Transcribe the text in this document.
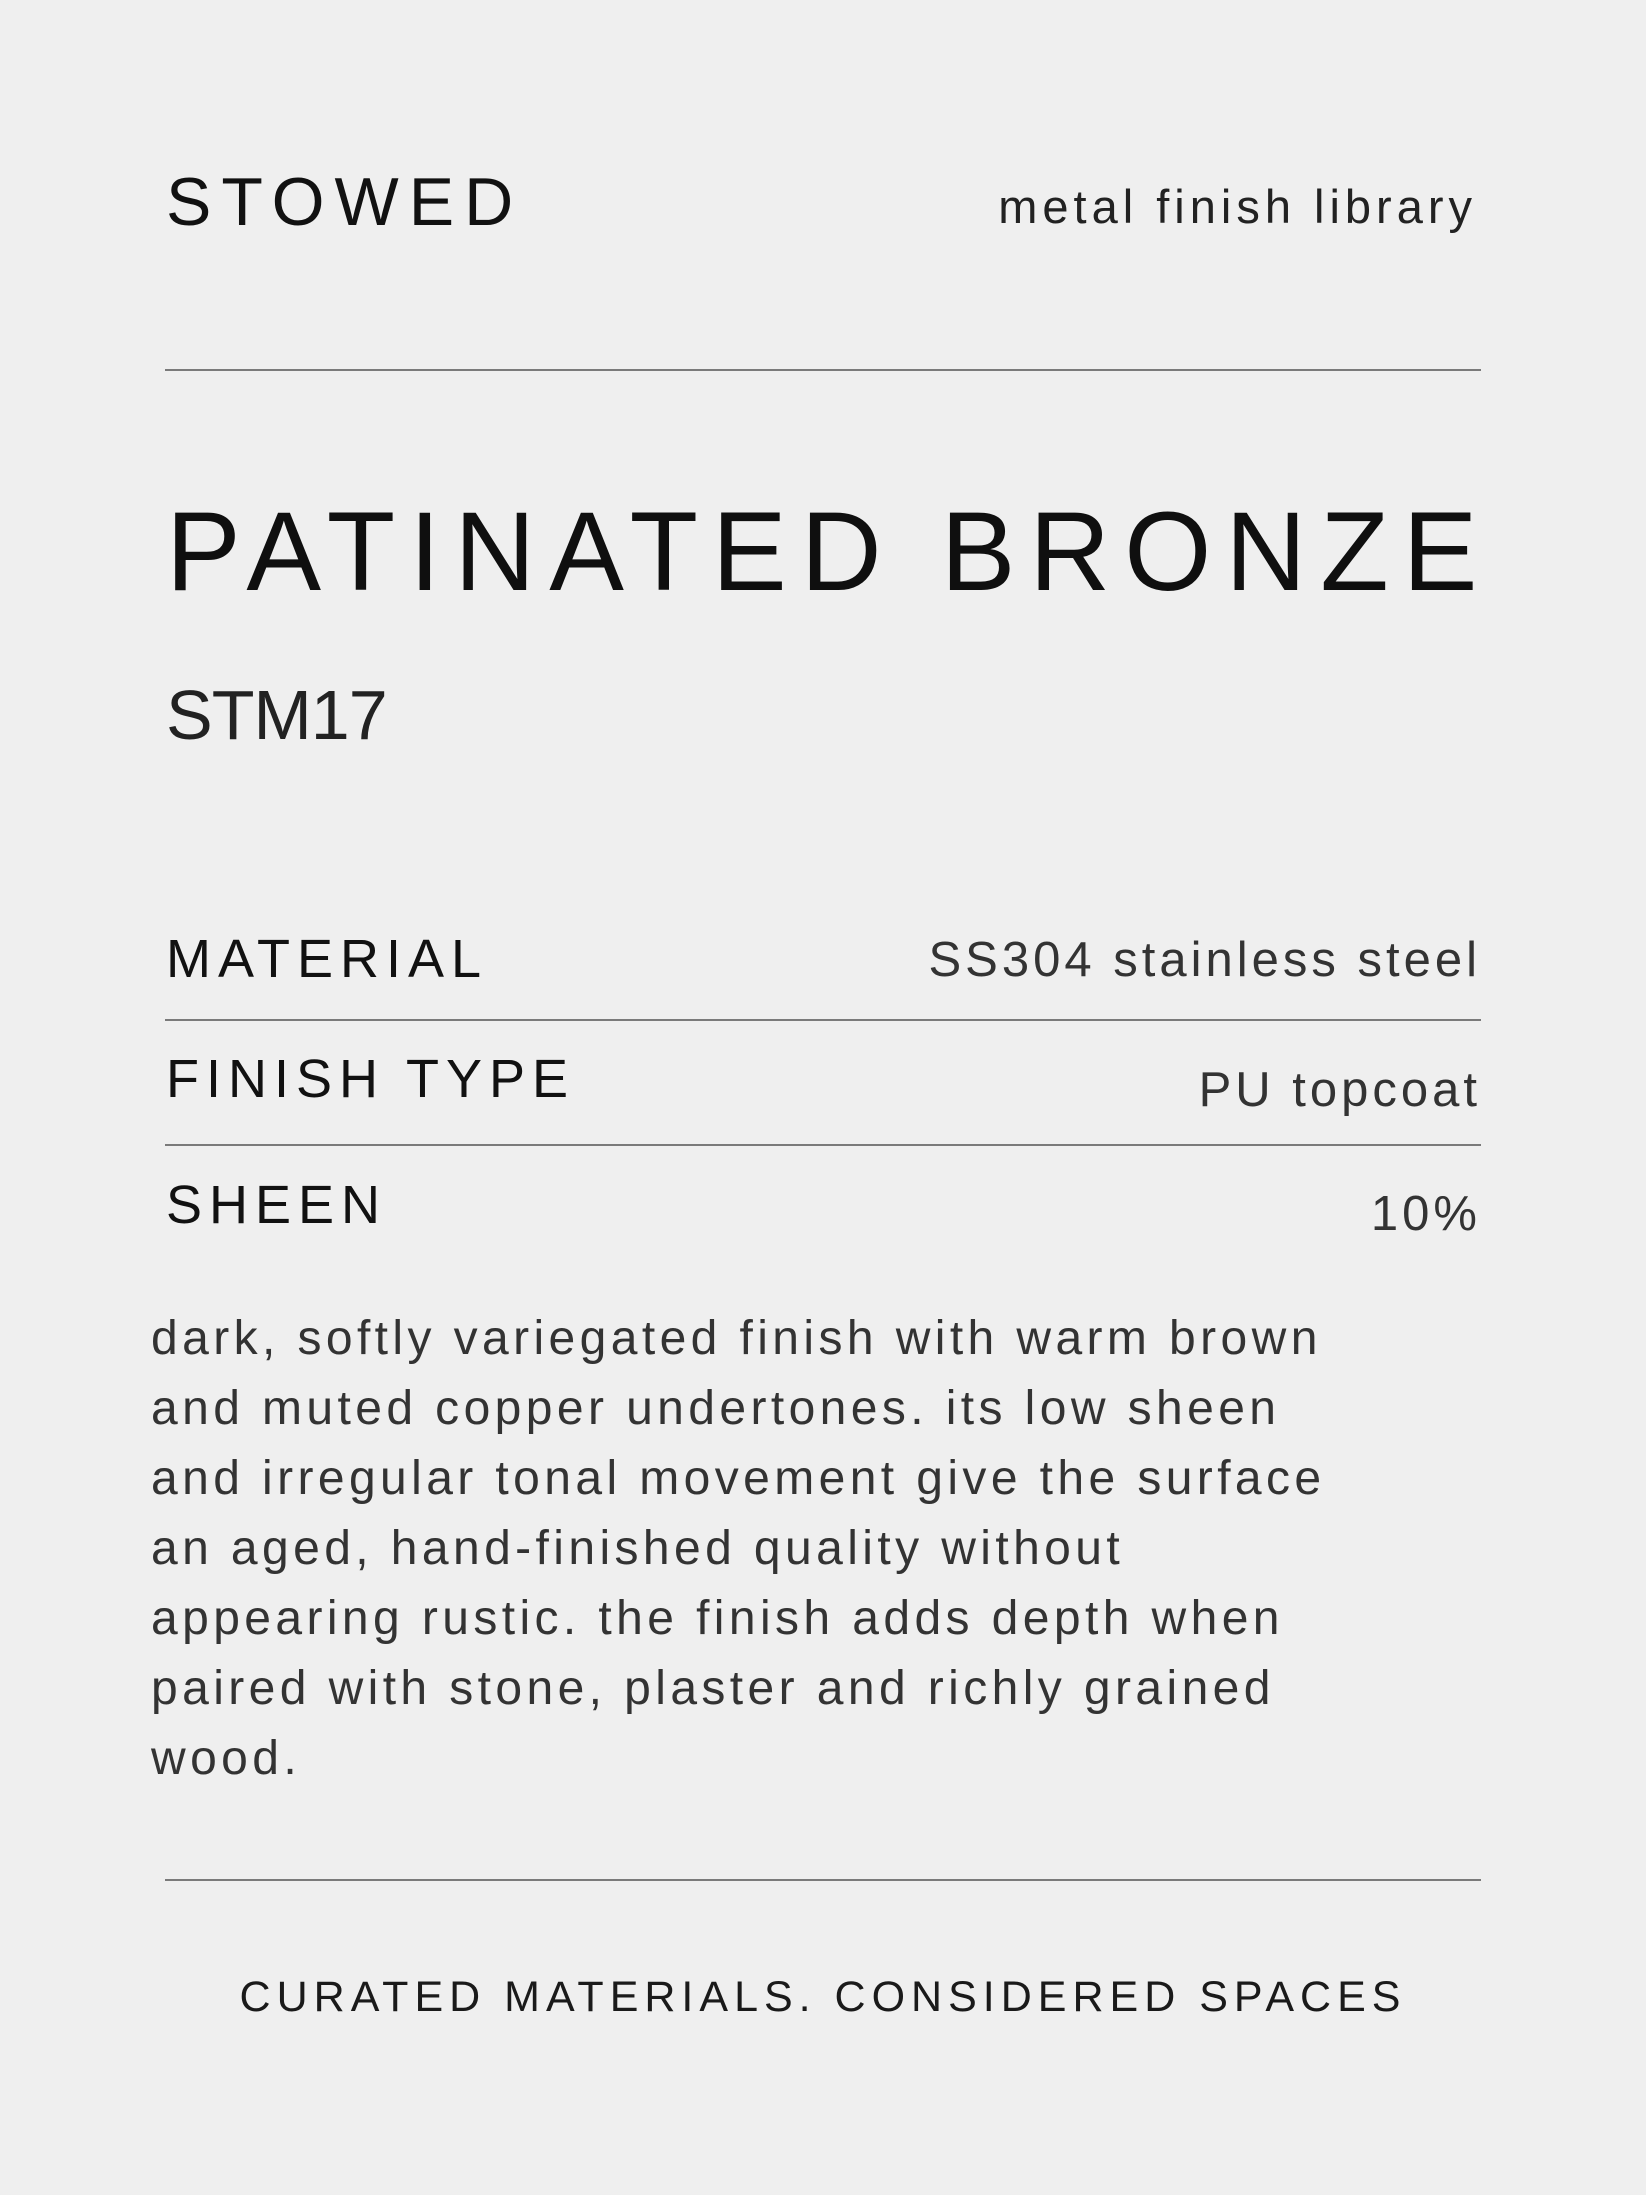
STOWED	metal finish library
PATINATED BRONZE
STM17
MATERIAL	SS304 stainless steel
FINISH TYPE	PU topcoat
SHEEN	10%
dark, softly variegated finish with warm brown
and muted copper undertones. its low sheen
and irregular tonal movement give the surface
an aged, hand-finished quality without
appearing rustic. the finish adds depth when
paired with stone, plaster and richly grained
wood.
CURATED MATERIALS. CONSIDERED SPACES
